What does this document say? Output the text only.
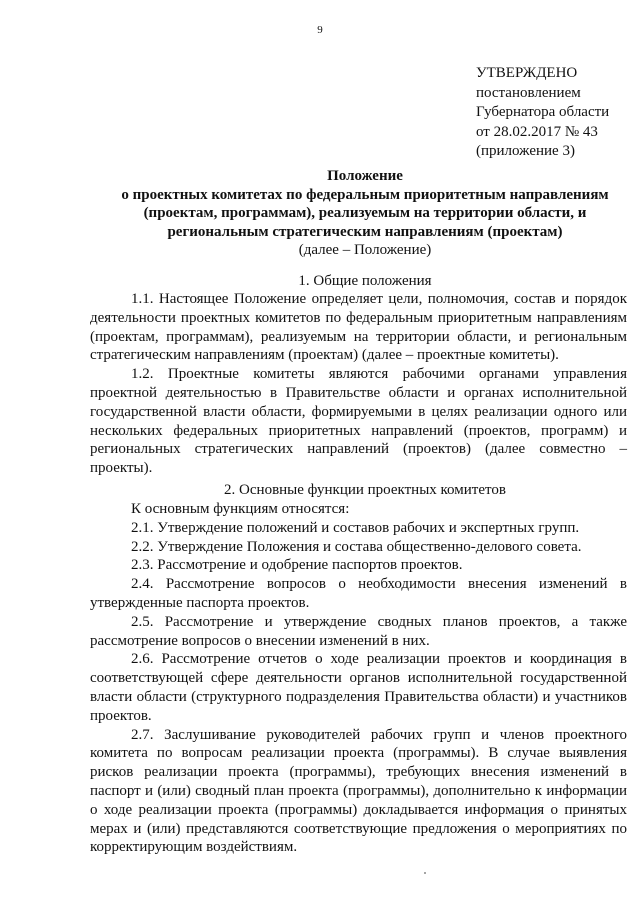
9
УТВЕРЖДЕНО
постановлением
Губернатора области
от 28.02.2017 № 43
(приложение 3)
Положение
о проектных комитетах по федеральным приоритетным направлениям
(проектам, программам), реализуемым на территории области, и
региональным стратегическим направлениям (проектам)
(далее – Положение)
1. Общие положения

1.1. Настоящее Положение определяет цели, полномочия, состав и порядок деятельности проектных комитетов по федеральным приоритетным направлениям (проектам, программам), реализуемым на территории области, и региональным стратегическим направлениям (проектам) (далее – проектные комитеты).

1.2. Проектные комитеты являются рабочими органами управления проектной деятельностью в Правительстве области и органах исполнительной государственной власти области, формируемыми в целях реализации одного или нескольких федеральных приоритетных направлений (проектов, программ) и региональных стратегических направлений (проектов) (далее совместно – проекты).

2. Основные функции проектных комитетов

К основным функциям относятся:

2.1. Утверждение положений и составов рабочих и экспертных групп.

2.2. Утверждение Положения и состава общественно-делового совета.

2.3. Рассмотрение и одобрение паспортов проектов.

2.4. Рассмотрение вопросов о необходимости внесения изменений в утвержденные паспорта проектов.

2.5. Рассмотрение и утверждение сводных планов проектов, а также рассмотрение вопросов о внесении изменений в них.

2.6. Рассмотрение отчетов о ходе реализации проектов и координация в соответствующей сфере деятельности органов исполнительной государственной власти области (структурного подразделения Правительства области) и участников проектов.

2.7. Заслушивание руководителей рабочих групп и членов проектного комитета по вопросам реализации проекта (программы). В случае выявления рисков реализации проекта (программы), требующих внесения изменений в паспорт и (или) сводный план проекта (программы), дополнительно к информации о ходе реализации проекта (программы) докладывается информация о принятых мерах и (или) представляются соответствующие предложения о мероприятиях по корректирующим воздействиям.
